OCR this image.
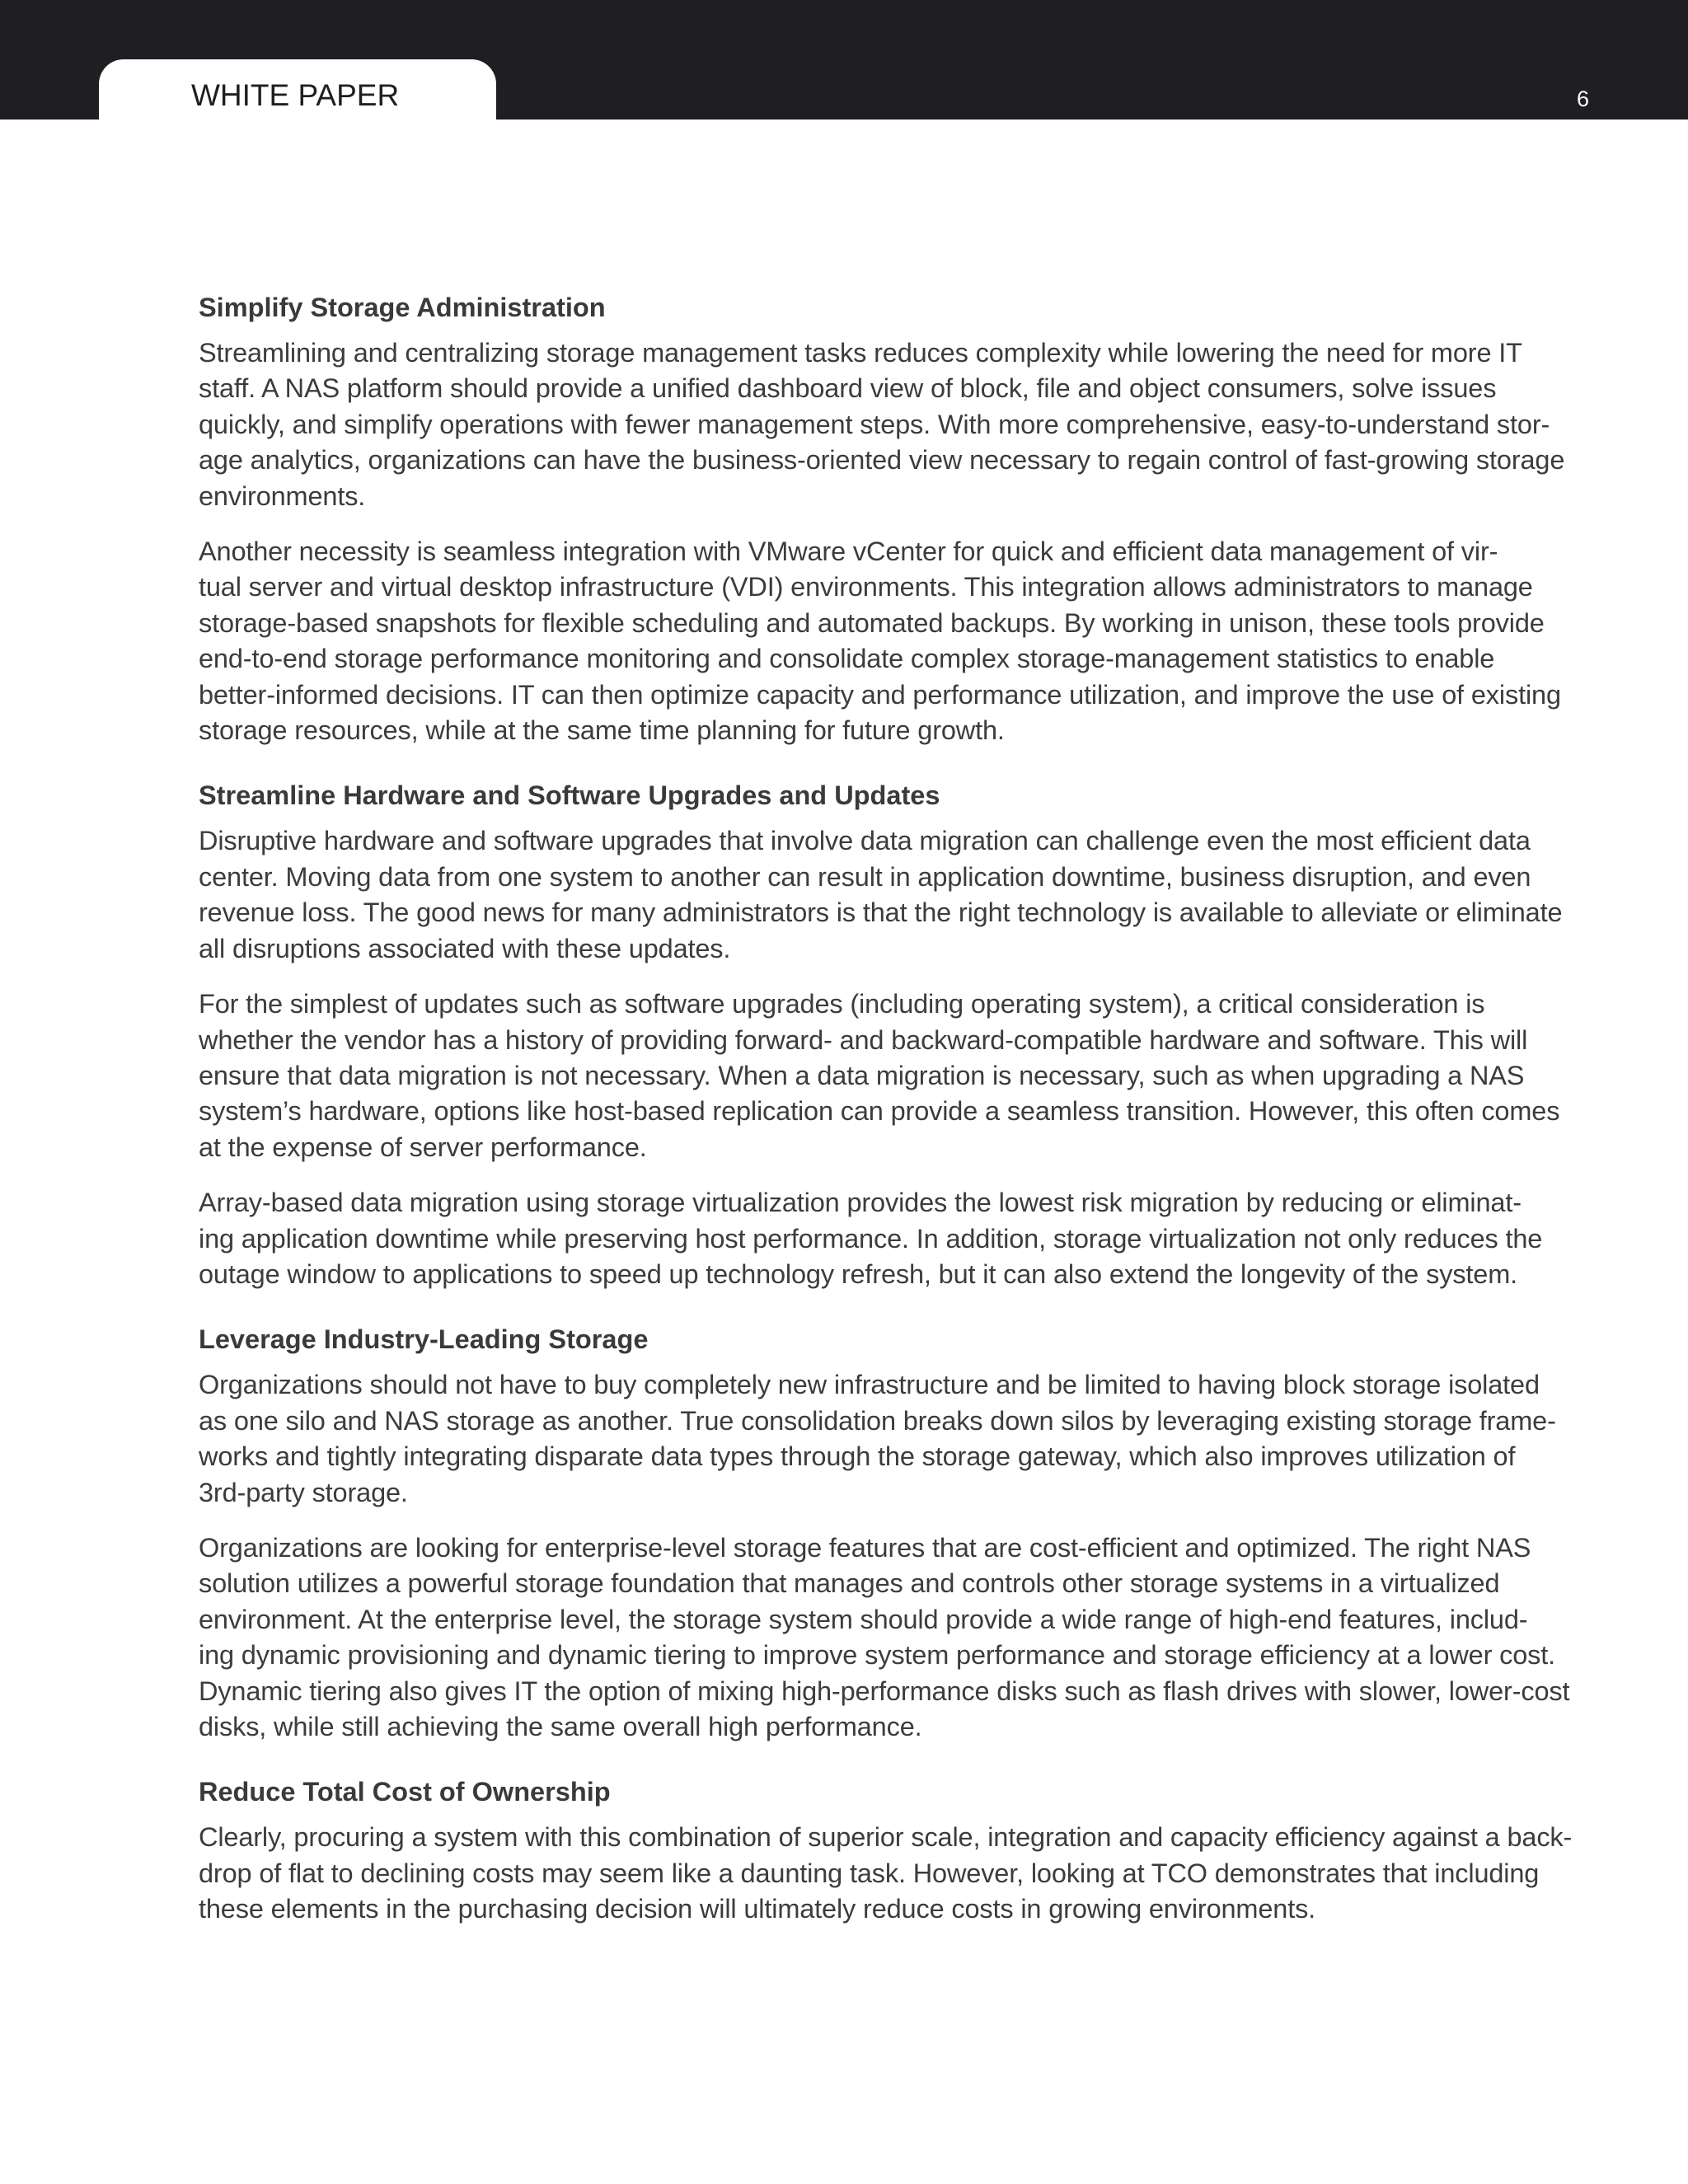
WHITE PAPER	6
Simplify Storage Administration

Streamlining and centralizing storage management tasks reduces complexity while lowering the need for more IT
staff. A NAS platform should provide a unified dashboard view of block, file and object consumers, solve issues
quickly, and simplify operations with fewer management steps. With more comprehensive, easy-to-understand stor-
age analytics, organizations can have the business-oriented view necessary to regain control of fast-growing storage
environments.

Another necessity is seamless integration with VMware vCenter for quick and efficient data management of vir-
tual server and virtual desktop infrastructure (VDI) environments. This integration allows administrators to manage
storage-based snapshots for flexible scheduling and automated backups. By working in unison, these tools provide
end-to-end storage performance monitoring and consolidate complex storage-management statistics to enable
better-informed decisions. IT can then optimize capacity and performance utilization, and improve the use of existing
storage resources, while at the same time planning for future growth.

Streamline Hardware and Software Upgrades and Updates

Disruptive hardware and software upgrades that involve data migration can challenge even the most efficient data
center. Moving data from one system to another can result in application downtime, business disruption, and even
revenue loss. The good news for many administrators is that the right technology is available to alleviate or eliminate
all disruptions associated with these updates.

For the simplest of updates such as software upgrades (including operating system), a critical consideration is
whether the vendor has a history of providing forward- and backward-compatible hardware and software. This will
ensure that data migration is not necessary. When a data migration is necessary, such as when upgrading a NAS
system’s hardware, options like host-based replication can provide a seamless transition. However, this often comes
at the expense of server performance.

Array-based data migration using storage virtualization provides the lowest risk migration by reducing or eliminat-
ing application downtime while preserving host performance. In addition, storage virtualization not only reduces the
outage window to applications to speed up technology refresh, but it can also extend the longevity of the system.

Leverage Industry-Leading Storage

Organizations should not have to buy completely new infrastructure and be limited to having block storage isolated
as one silo and NAS storage as another. True consolidation breaks down silos by leveraging existing storage frame-
works and tightly integrating disparate data types through the storage gateway, which also improves utilization of
3rd-party storage.

Organizations are looking for enterprise-level storage features that are cost-efficient and optimized. The right NAS
solution utilizes a powerful storage foundation that manages and controls other storage systems in a virtualized
environment. At the enterprise level, the storage system should provide a wide range of high-end features, includ-
ing dynamic provisioning and dynamic tiering to improve system performance and storage efficiency at a lower cost.
Dynamic tiering also gives IT the option of mixing high-performance disks such as flash drives with slower, lower-cost
disks, while still achieving the same overall high performance.

Reduce Total Cost of Ownership

Clearly, procuring a system with this combination of superior scale, integration and capacity efficiency against a back-
drop of flat to declining costs may seem like a daunting task. However, looking at TCO demonstrates that including
these elements in the purchasing decision will ultimately reduce costs in growing environments.
